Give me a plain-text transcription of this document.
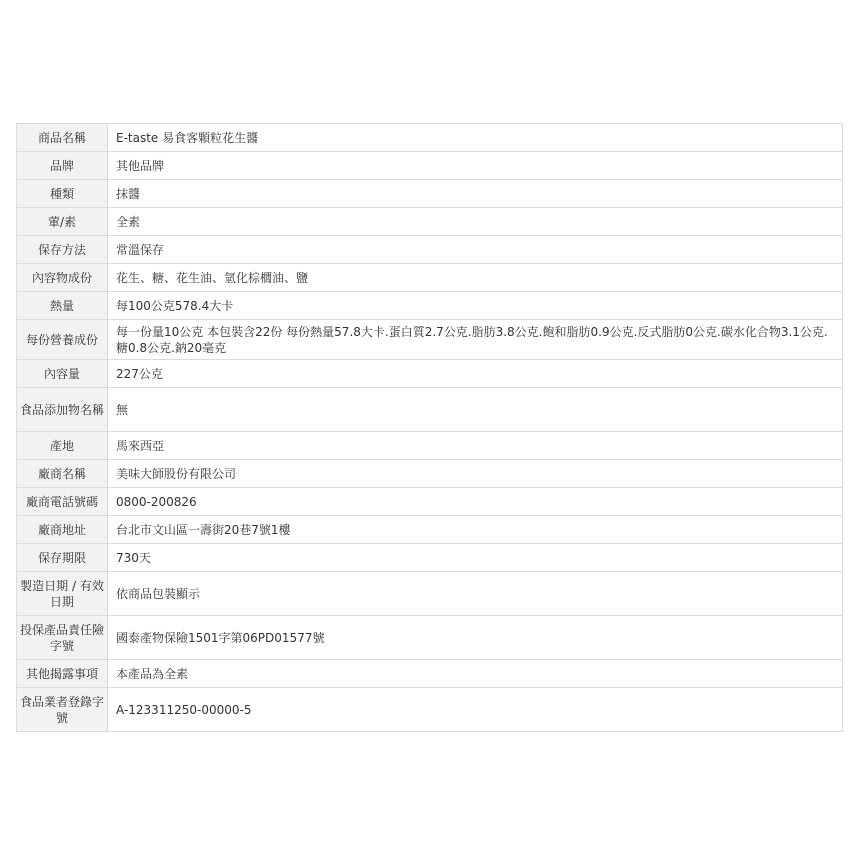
商品名稱	E-taste 易食客顆粒花生醬
品牌	其他品牌
種類	抹醬
葷/素	全素
保存方法	常溫保存
內容物成份	花生、糖、花生油、氫化棕櫚油、鹽
熱量	每100公克578.4大卡
每份營養成份	每一份量10公克 本包裝含22份 每份熱量57.8大卡.蛋白質2.7公克.脂肪3.8公克.飽和脂肪0.9公克.反式脂肪0公克.碳水化合物3.1公克.糖0.8公克.鈉20毫克
內容量	227公克
食品添加物名稱	無
產地	馬來西亞
廠商名稱	美味大師股份有限公司
廠商電話號碼	0800-200826
廠商地址	台北市文山區一壽街20巷7號1樓
保存期限	730天
製造日期 / 有效日期	依商品包裝顯示
投保產品責任險字號	國泰產物保險1501字第06PD01577號
其他揭露事項	本產品為全素
食品業者登錄字號	A-123311250-00000-5
